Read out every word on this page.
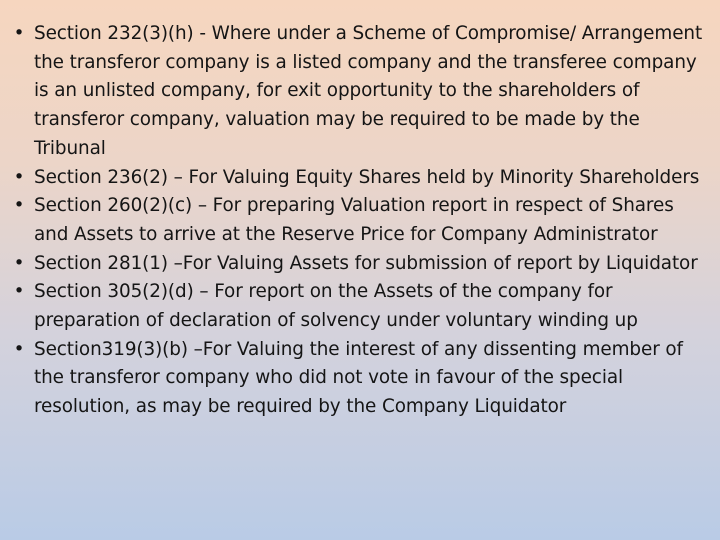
• Section 232(3)(h) - Where under a Scheme of Compromise/ Arrangement the transferor company is a listed company and the transferee company is an unlisted company, for exit opportunity to the shareholders of transferor company, valuation may be required to be made by the Tribunal
• Section 236(2) – For Valuing Equity Shares held by Minority Shareholders
• Section 260(2)(c) – For preparing Valuation report in respect of Shares and Assets to arrive at the Reserve Price for Company Administrator
• Section 281(1) –For Valuing Assets for submission of report by Liquidator
• Section 305(2)(d) – For report on the Assets of the company for preparation of declaration of solvency under voluntary winding up
• Section319(3)(b) –For Valuing the interest of any dissenting member of the transferor company who did not vote in favour of the special resolution, as may be required by the Company Liquidator
